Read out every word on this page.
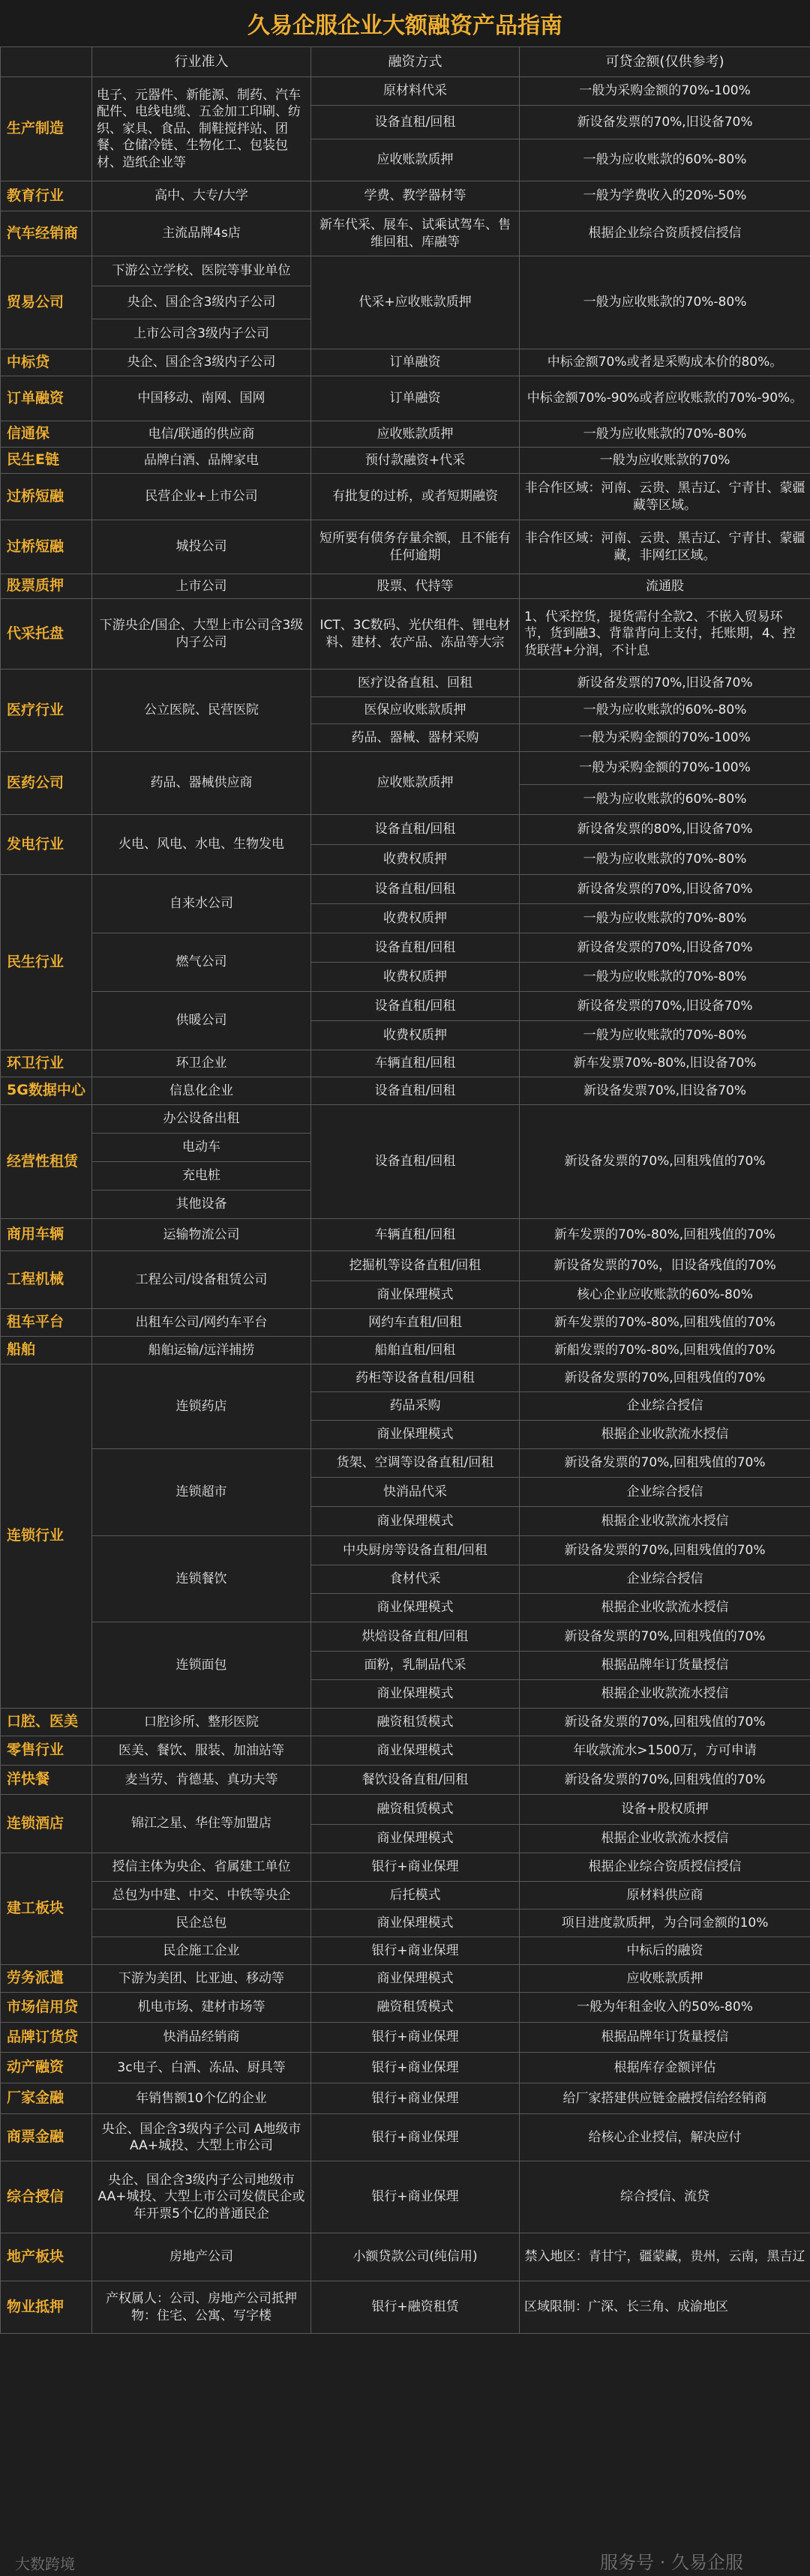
久易企服企业大额融资产品指南
	行业准入	融资方式	可贷金额(仅供参考)
生产制造	电子、元器件、新能源、制药、汽车配件、电线电缆、五金加工印刷、纺织、家具、食品、制鞋搅拌站、团餐、仓储冷链、生物化工、包装包材、造纸企业等	原材料代采	一般为采购金额的70%-100%
		设备直租/回租	新设备发票的70%,旧设备70%
		应收账款质押	一般为应收账款的60%-80%
教育行业	高中、大专/大学	学费、教学器材等	一般为学费收入的20%-50%
汽车经销商	主流品牌4s店	新车代采、展车、试乘试驾车、售维回租、库融等	根据企业综合资质授信授信
贸易公司	下游公立学校、医院等事业单位	代采+应收账款质押	一般为应收账款的70%-80%
	央企、国企含3级内子公司		
	上市公司含3级内子公司		
中标贷	央企、国企含3级内子公司	订单融资	中标金额70%或者是采购成本价的80%。
订单融资	中国移动、南网、国网	订单融资	中标金额70%-90%或者应收账款的70%-90%。
信通保	电信/联通的供应商	应收账款质押	一般为应收账款的70%-80%
民生E链	品牌白酒、品牌家电	预付款融资+代采	一般为应收账款的70%
过桥短融	民营企业+上市公司	有批复的过桥，或者短期融资	非合作区域：河南、云贵、黑吉辽、宁青甘、蒙疆藏等区域。
过桥短融	城投公司	短所要有债务存量余额，且不能有任何逾期	非合作区域：河南、云贵、黑吉辽、宁青甘、蒙疆藏，非网红区域。
股票质押	上市公司	股票、代持等	流通股
代采托盘	下游央企/国企、大型上市公司含3级内子公司	ICT、3C数码、光伏组件、锂电材料、建材、农产品、冻品等大宗	1、代采控货，提货需付全款2、不嵌入贸易环节，货到融3、背靠背向上支付，托账期，4、控货联营+分润，不计息
医疗行业	公立医院、民营医院	医疗设备直租、回租	新设备发票的70%,旧设备70%
		医保应收账款质押	一般为应收账款的60%-80%
		药品、器械、器材采购	一般为采购金额的70%-100%
医药公司	药品、器械供应商	应收账款质押	一般为采购金额的70%-100%
			一般为应收账款的60%-80%
发电行业	火电、风电、水电、生物发电	设备直租/回租	新设备发票的80%,旧设备70%
		收费权质押	一般为应收账款的70%-80%
民生行业	自来水公司	设备直租/回租	新设备发票的70%,旧设备70%
		收费权质押	一般为应收账款的70%-80%
	燃气公司	设备直租/回租	新设备发票的70%,旧设备70%
		收费权质押	一般为应收账款的70%-80%
	供暖公司	设备直租/回租	新设备发票的70%,旧设备70%
		收费权质押	一般为应收账款的70%-80%
环卫行业	环卫企业	车辆直租/回租	新车发票70%-80%,旧设备70%
5G数据中心	信息化企业	设备直租/回租	新设备发票70%,旧设备70%
经营性租赁	办公设备出租	设备直租/回租	新设备发票的70%,回租残值的70%
	电动车		
	充电桩		
	其他设备		
商用车辆	运输物流公司	车辆直租/回租	新车发票的70%-80%,回租残值的70%
工程机械	工程公司/设备租赁公司	挖掘机等设备直租/回租	新设备发票的70%，旧设备残值的70%
		商业保理模式	核心企业应收账款的60%-80%
租车平台	出租车公司/网约车平台	网约车直租/回租	新车发票的70%-80%,回租残值的70%
船舶	船舶运输/远洋捕捞	船舶直租/回租	新船发票的70%-80%,回租残值的70%
连锁行业	连锁药店	药柜等设备直租/回租	新设备发票的70%,回租残值的70%
		药品采购	企业综合授信
		商业保理模式	根据企业收款流水授信
	连锁超市	货架、空调等设备直租/回租	新设备发票的70%,回租残值的70%
		快消品代采	企业综合授信
		商业保理模式	根据企业收款流水授信
	连锁餐饮	中央厨房等设备直租/回租	新设备发票的70%,回租残值的70%
		食材代采	企业综合授信
		商业保理模式	根据企业收款流水授信
	连锁面包	烘焙设备直租/回租	新设备发票的70%,回租残值的70%
		面粉，乳制品代采	根据品牌年订货量授信
		商业保理模式	根据企业收款流水授信
口腔、医美	口腔诊所、整形医院	融资租赁模式	新设备发票的70%,回租残值的70%
零售行业	医美、餐饮、服装、加油站等	商业保理模式	年收款流水>1500万，方可申请
洋快餐	麦当劳、肯德基、真功夫等	餐饮设备直租/回租	新设备发票的70%,回租残值的70%
连锁酒店	锦江之星、华住等加盟店	融资租赁模式	设备+股权质押
		商业保理模式	根据企业收款流水授信
建工板块	授信主体为央企、省属建工单位	银行+商业保理	根据企业综合资质授信授信
	总包为中建、中交、中铁等央企	后托模式	原材料供应商
	民企总包	商业保理模式	项目进度款质押，为合同金额的10%
	民企施工企业	银行+商业保理	中标后的融资
劳务派遣	下游为美团、比亚迪、移动等	商业保理模式	应收账款质押
市场信用贷	机电市场、建材市场等	融资租赁模式	一般为年租金收入的50%-80%
品牌订货贷	快消品经销商	银行+商业保理	根据品牌年订货量授信
动产融资	3c电子、白酒、冻品、厨具等	银行+商业保理	根据库存金额评估
厂家金融	年销售额10个亿的企业	银行+商业保理	给厂家搭建供应链金融授信给经销商
商票金融	央企、国企含3级内子公司 A地级市AA+城投、大型上市公司	银行+商业保理	给核心企业授信，解决应付
综合授信	央企、国企含3级内子公司地级市AA+城投、大型上市公司发债民企或年开票5个亿的普通民企	银行+商业保理	综合授信、流贷
地产板块	房地产公司	小额贷款公司(纯信用)	禁入地区：青甘宁，疆蒙藏，贵州，云南，黑吉辽
物业抵押	产权属人：公司、房地产公司抵押物：住宅、公寓、写字楼	银行+融资租赁	区域限制：广深、长三角、成渝地区
服务号 · 久易企服
大数跨境
